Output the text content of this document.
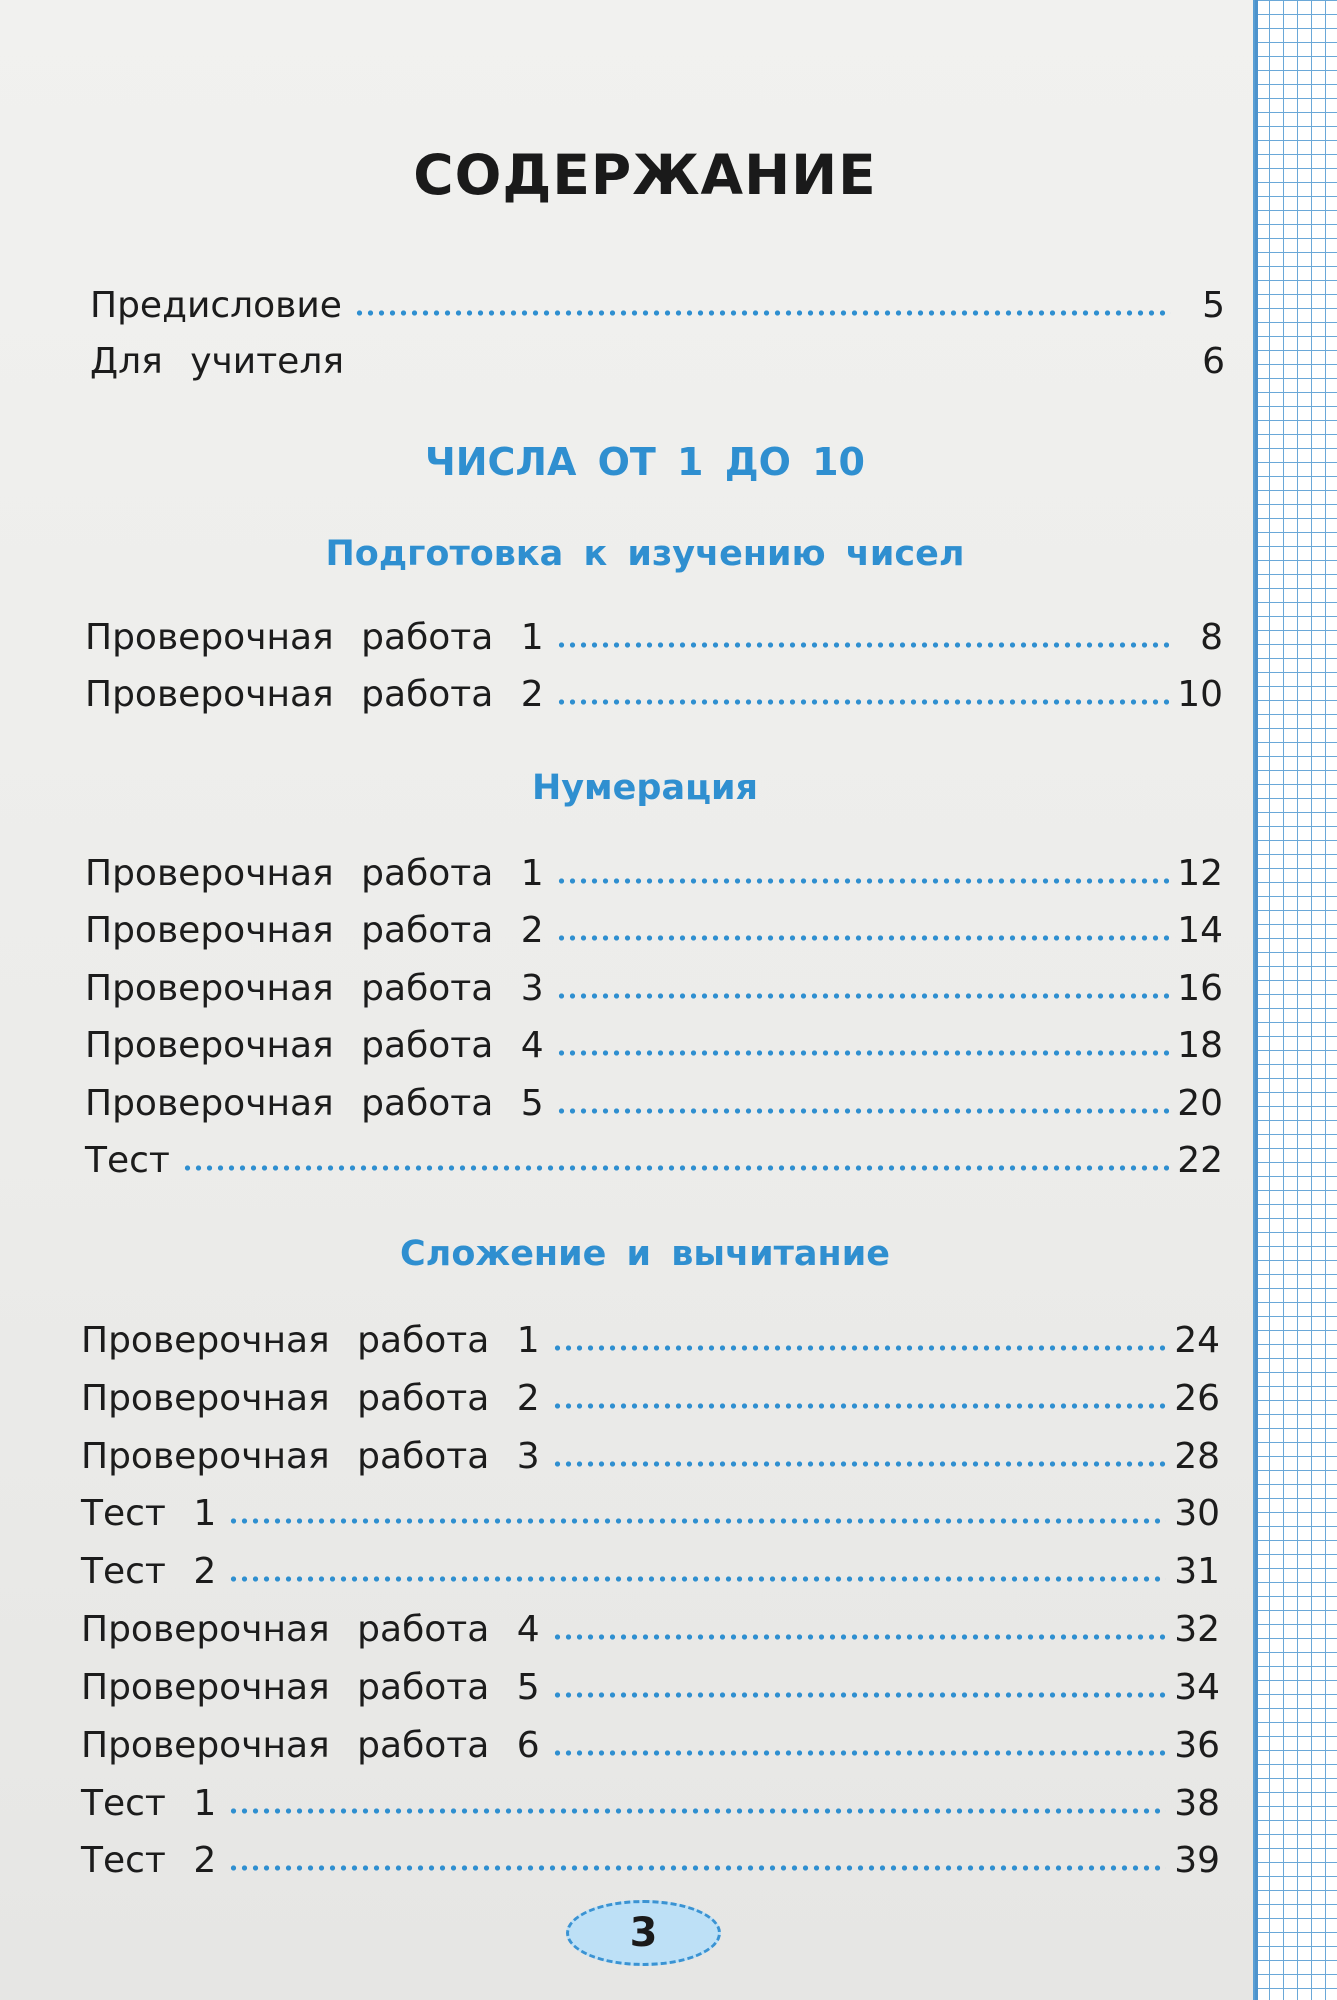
СОДЕРЖАНИЕ
Предисловие	5
Для учителя	6
ЧИСЛА ОТ 1 ДО 10
Подготовка к изучению чисел
Проверочная работа 1	8
Проверочная работа 2	10
Нумерация
Проверочная работа 1	12
Проверочная работа 2	14
Проверочная работа 3	16
Проверочная работа 4	18
Проверочная работа 5	20
Тест	22
Сложение и вычитание
Проверочная работа 1	24
Проверочная работа 2	26
Проверочная работа 3	28
Тест 1	30
Тест 2	31
Проверочная работа 4	32
Проверочная работа 5	34
Проверочная работа 6	36
Тест 1	38
Тест 2	39
3
